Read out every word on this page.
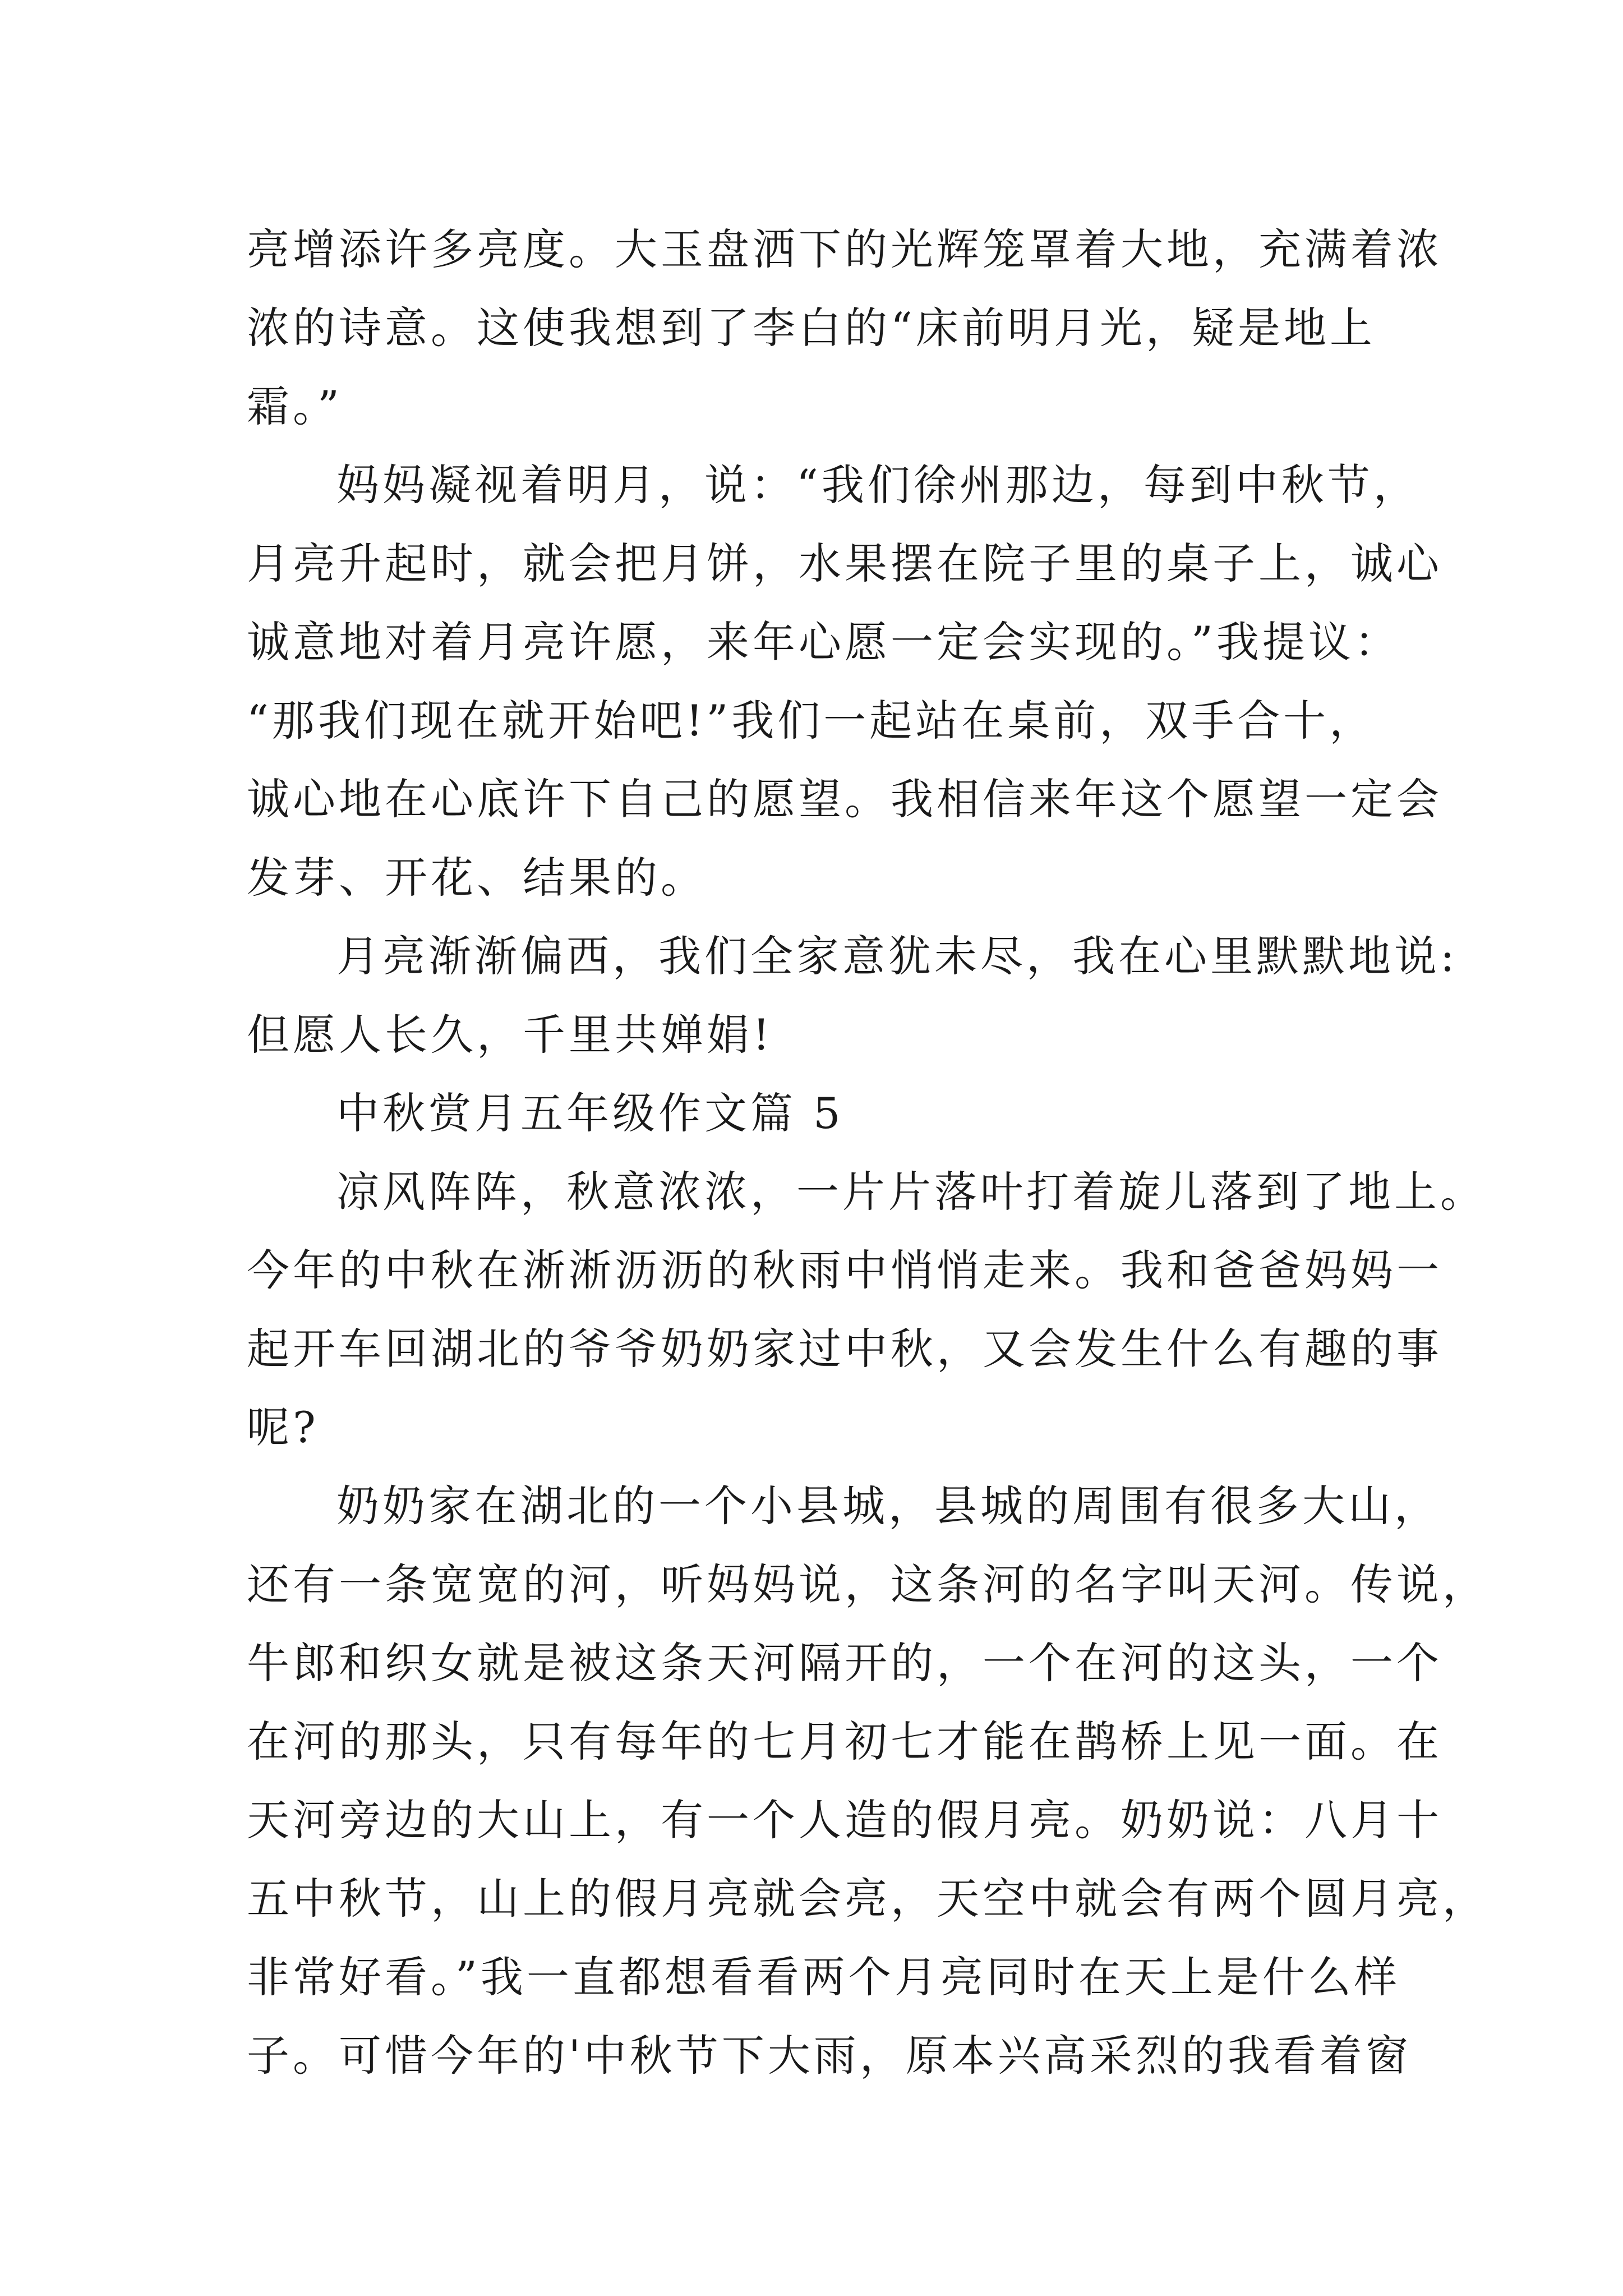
亮增添许多亮度。大玉盘洒下的光辉笼罩着大地，充满着浓
浓的诗意。这使我想到了李白的“床前明月光，疑是地上
霜。”
妈妈凝视着明月，说：“我们徐州那边，每到中秋节，
月亮升起时，就会把月饼，水果摆在院子里的桌子上，诚心
诚意地对着月亮许愿，来年心愿一定会实现的。”我提议：
“那我们现在就开始吧!”我们一起站在桌前，双手合十，
诚心地在心底许下自己的愿望。我相信来年这个愿望一定会
发芽、开花、结果的。
月亮渐渐偏西，我们全家意犹未尽，我在心里默默地说:
但愿人长久，千里共婵娟!
中秋赏月五年级作文篇 5
凉风阵阵，秋意浓浓，一片片落叶打着旋儿落到了地上。
今年的中秋在淅淅沥沥的秋雨中悄悄走来。我和爸爸妈妈一
起开车回湖北的爷爷奶奶家过中秋，又会发生什么有趣的事
呢?
奶奶家在湖北的一个小县城，县城的周围有很多大山，
还有一条宽宽的河，听妈妈说，这条河的名字叫天河。传说，
牛郎和织女就是被这条天河隔开的，一个在河的这头，一个
在河的那头，只有每年的七月初七才能在鹊桥上见一面。在
天河旁边的大山上，有一个人造的假月亮。奶奶说：八月十
五中秋节，山上的假月亮就会亮，天空中就会有两个圆月亮，
非常好看。”我一直都想看看两个月亮同时在天上是什么样
子。可惜今年的'中秋节下大雨，原本兴高采烈的我看着窗
